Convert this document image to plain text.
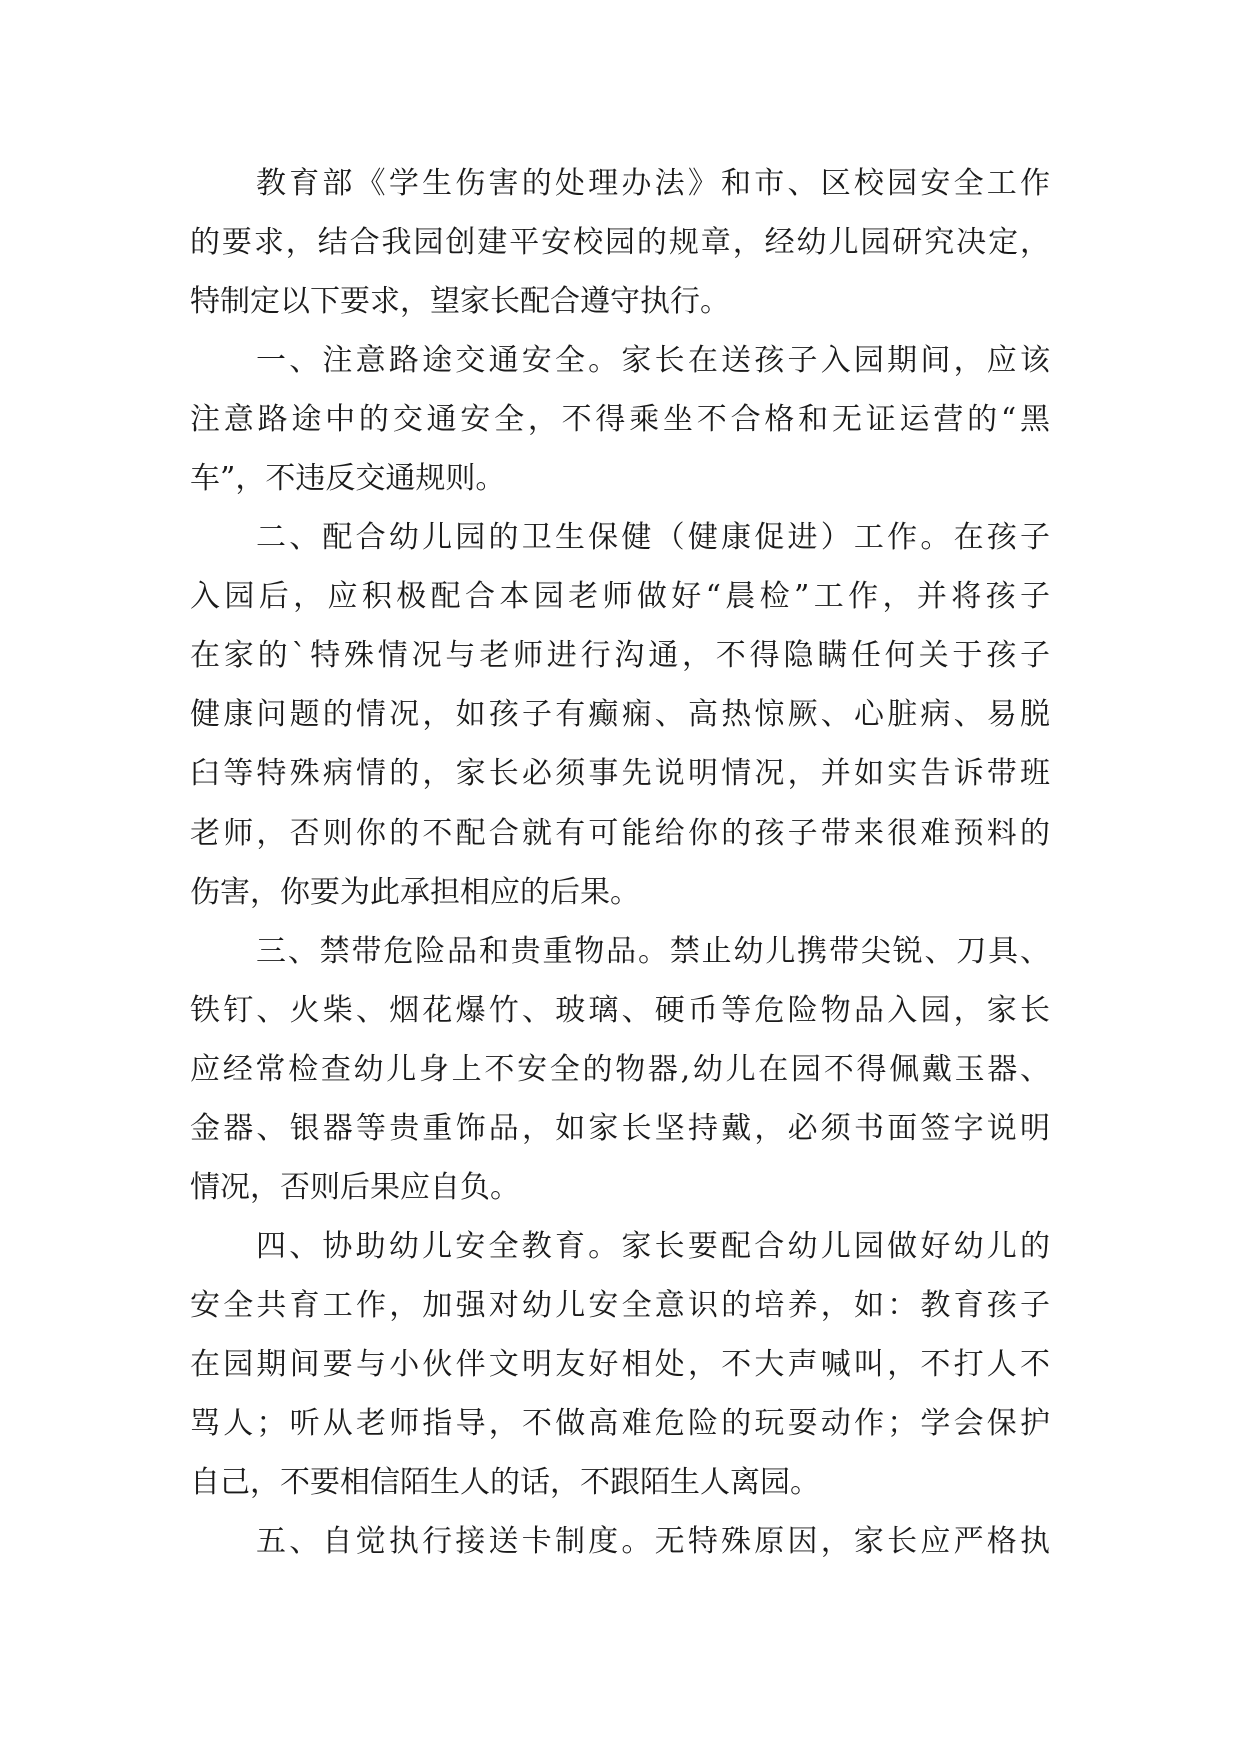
教育部《学生伤害的处理办法》和市、区校园安全工作
的要求，结合我园创建平安校园的规章，经幼儿园研究决定，
特制定以下要求，望家长配合遵守执行。
一、注意路途交通安全。家长在送孩子入园期间，应该
注意路途中的交通安全，不得乘坐不合格和无证运营的“黑
车”，不违反交通规则。
二、配合幼儿园的卫生保健（健康促进）工作。在孩子
入园后，应积极配合本园老师做好“晨检”工作，并将孩子
在家的`特殊情况与老师进行沟通，不得隐瞒任何关于孩子
健康问题的情况，如孩子有癫痫、高热惊厥、心脏病、易脱
臼等特殊病情的，家长必须事先说明情况，并如实告诉带班
老师，否则你的不配合就有可能给你的孩子带来很难预料的
伤害，你要为此承担相应的后果。
三、禁带危险品和贵重物品。禁止幼儿携带尖锐、刀具、
铁钉、火柴、烟花爆竹、玻璃、硬币等危险物品入园，家长
应经常检查幼儿身上不安全的物器,幼儿在园不得佩戴玉器、
金器、银器等贵重饰品，如家长坚持戴，必须书面签字说明
情况，否则后果应自负。
四、协助幼儿安全教育。家长要配合幼儿园做好幼儿的
安全共育工作，加强对幼儿安全意识的培养，如：教育孩子
在园期间要与小伙伴文明友好相处，不大声喊叫，不打人不
骂人；听从老师指导，不做高难危险的玩耍动作；学会保护
自己，不要相信陌生人的话，不跟陌生人离园。
五、自觉执行接送卡制度。无特殊原因，家长应严格执
